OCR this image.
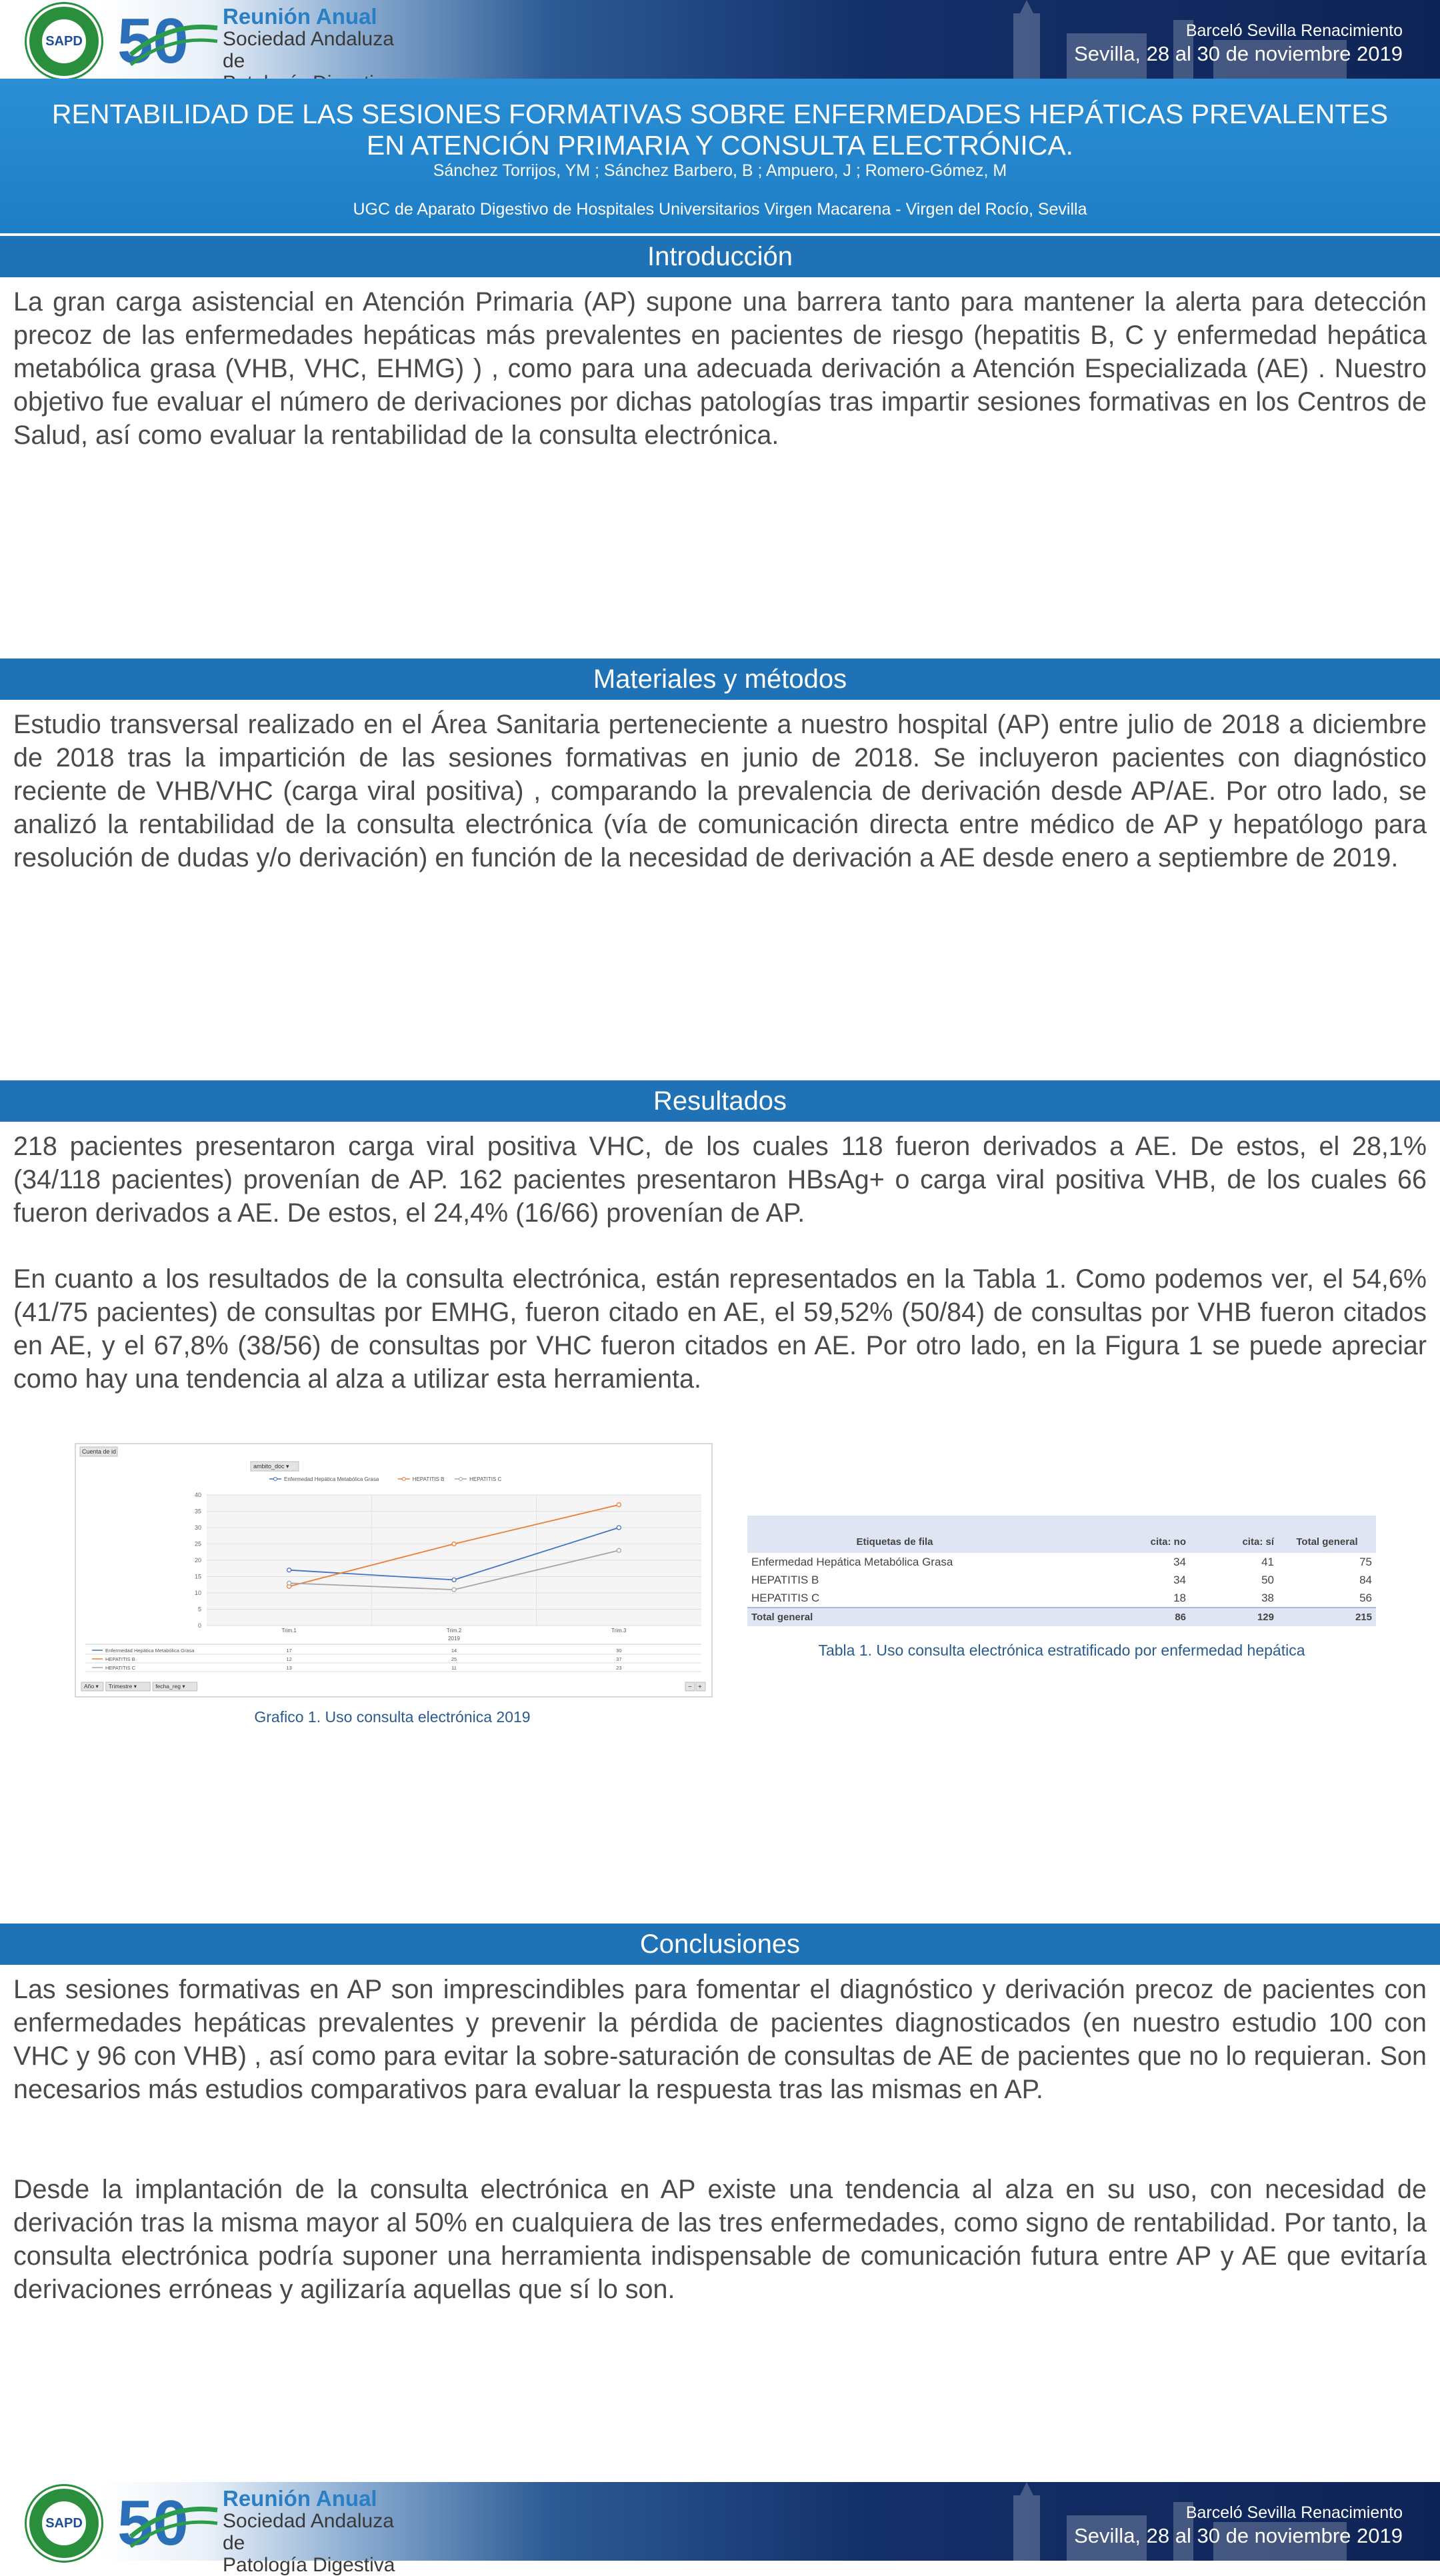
SAPD 50 Reunión Anual
Sociedad Andaluza de
Barceló Sevilla Renacimiento
Sevilla, 28 al 30 de noviembre 2019
RENTABILIDAD DE LAS SESIONES FORMATIVAS SOBRE ENFERMEDADES HEPÁTICAS PREVALENTES EN ATENCIÓN PRIMARIA Y CONSULTA ELECTRÓNICA.
Sánchez Torrijos, YM ; Sánchez Barbero, B ; Ampuero, J ; Romero-Gómez, M
UGC de Aparato Digestivo de Hospitales Universitarios Virgen Macarena - Virgen del Rocío, Sevilla
Introducción
La gran carga asistencial en Atención Primaria (AP) supone una barrera tanto para mantener la alerta para detección precoz de las enfermedades hepáticas más prevalentes en pacientes de riesgo (hepatitis B, C y enfermedad hepática metabólica grasa (VHB, VHC, EHMG) ) , como para una adecuada derivación a Atención Especializada (AE) . Nuestro objetivo fue evaluar el número de derivaciones por dichas patologías tras impartir sesiones formativas en los Centros de Salud, así como evaluar la rentabilidad de la consulta electrónica.
Materiales y métodos
Estudio transversal realizado en el Área Sanitaria perteneciente a nuestro hospital (AP) entre julio de 2018 a diciembre de 2018 tras la impartición de las sesiones formativas en junio de 2018. Se incluyeron pacientes con diagnóstico reciente de VHB/VHC (carga viral positiva) , comparando la prevalencia de derivación desde AP/AE. Por otro lado, se analizó la rentabilidad de la consulta electrónica (vía de comunicación directa entre médico de AP y hepatólogo para resolución de dudas y/o derivación) en función de la necesidad de derivación a AE desde enero a septiembre de 2019.
Resultados
218 pacientes presentaron carga viral positiva VHC, de los cuales 118 fueron derivados a AE. De estos, el 28,1% (34/118 pacientes) provenían de AP. 162 pacientes presentaron HBsAg+ o carga viral positiva VHB, de los cuales 66 fueron derivados a AE. De estos, el 24,4% (16/66) provenían de AP.
En cuanto a los resultados de la consulta electrónica, están representados en la Tabla 1. Como podemos ver, el 54,6% (41/75 pacientes) de consultas por EMHG, fueron citado en AE, el 59,52% (50/84) de consultas por VHB fueron citados en AE, y el 67,8% (38/56) de consultas por VHC fueron citados en AE. Por otro lado, en la Figura 1 se puede apreciar como hay una tendencia al alza a utilizar esta herramienta.
Cuenta de id
ambito_doc ▾
Enfermedad Hepática Metabólica Grasa	HEPATITIS B	HEPATITIS C
0
5
10
15
20
25
30
35
40
Trim.1	Trim.2	Trim.3
2019
Enfermedad Hepática Metabólica Grasa	17	14	30
HEPATITIS B	12	25	37
HEPATITIS C	13	11	23
Año ▾ Trimestre ▾	fecha_reg ▾	− +
Grafico 1. Uso consulta electrónica 2019
Etiquetas de fila	cita: no	cita: sí	Total general
Enfermedad Hepática Metabólica Grasa	34	41	75
HEPATITIS B	34	50	84
HEPATITIS C	18	38	56
Total general	86	129	215
Tabla 1. Uso consulta electrónica estratificado por enfermedad hepática
Conclusiones
Las sesiones formativas en AP son imprescindibles para fomentar el diagnóstico y derivación precoz de pacientes con enfermedades hepáticas prevalentes y prevenir la pérdida de pacientes diagnosticados (en nuestro estudio 100 con VHC y 96 con VHB) , así como para evitar la sobre-saturación de consultas de AE de pacientes que no lo requieran. Son necesarios más estudios comparativos para evaluar la respuesta tras las mismas en AP.
Desde la implantación de la consulta electrónica en AP existe una tendencia al alza en su uso, con necesidad de derivación tras la misma mayor al 50% en cualquiera de las tres enfermedades, como signo de rentabilidad. Por tanto, la consulta electrónica podría suponer una herramienta indispensable de comunicación futura entre AP y AE que evitaría derivaciones erróneas y agilizaría aquellas que sí lo son.
SAPD 50 Reunión Anual
Sociedad Andaluza de
Patología Digestiva
Barceló Sevilla Renacimiento
Sevilla, 28 al 30 de noviembre 2019
